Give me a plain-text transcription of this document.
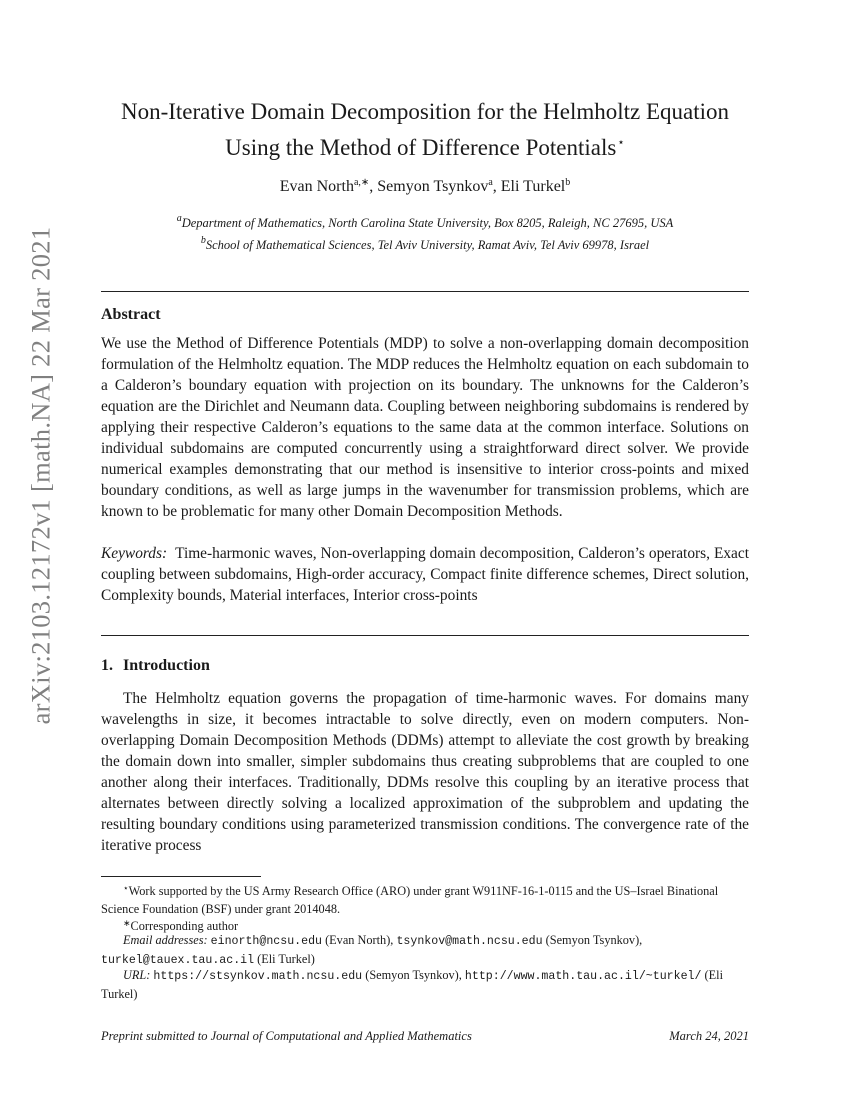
arXiv:2103.12172v1 [math.NA] 22 Mar 2021
Non-Iterative Domain Decomposition for the Helmholtz Equation
Using the Method of Difference Potentials⋆
Evan North$^{a,∗}$, Semyon Tsynkov$^a$, Eli Turkel$^b$
$^a$Department of Mathematics, North Carolina State University, Box 8205, Raleigh, NC 27695, USA
$^b$School of Mathematical Sciences, Tel Aviv University, Ramat Aviv, Tel Aviv 69978, Israel
Abstract
We use the Method of Difference Potentials (MDP) to solve a non-overlapping domain decomposition formulation of the Helmholtz equation. The MDP reduces the Helmholtz equation on each subdomain to a Calderon’s boundary equation with projection on its boundary. The unknowns for the Calderon’s equation are the Dirichlet and Neumann data. Coupling between neighboring subdomains is rendered by applying their respective Calderon’s equations to the same data at the common interface. Solutions on individual subdomains are computed concurrently using a straightforward direct solver. We provide numerical examples demonstrating that our method is insensitive to interior cross-points and mixed boundary conditions, as well as large jumps in the wavenumber for transmission problems, which are known to be problematic for many other Domain Decomposition Methods.
Keywords: Time-harmonic waves, Non-overlapping domain decomposition, Calderon’s operators, Exact coupling between subdomains, High-order accuracy, Compact finite difference schemes, Direct solution, Complexity bounds, Material interfaces, Interior cross-points
1. Introduction
The Helmholtz equation governs the propagation of time-harmonic waves. For domains many wavelengths in size, it becomes intractable to solve directly, even on modern computers. Non-overlapping Domain Decomposition Methods (DDMs) attempt to alleviate the cost growth by breaking the domain down into smaller, simpler subdomains thus creating subproblems that are coupled to one another along their interfaces. Traditionally, DDMs resolve this coupling by an iterative process that alternates between directly solving a localized approximation of the subproblem and updating the resulting boundary conditions using parameterized transmission conditions. The convergence rate of the iterative process
⋆Work supported by the US Army Research Office (ARO) under grant W911NF-16-1-0115 and the US–Israel Binational Science Foundation (BSF) under grant 2014048.
∗Corresponding author
Email addresses: einorth@ncsu.edu (Evan North), tsynkov@math.ncsu.edu (Semyon Tsynkov), turkel@tauex.tau.ac.il (Eli Turkel)
URL: https://stsynkov.math.ncsu.edu (Semyon Tsynkov), http://www.math.tau.ac.il/~turkel/ (Eli Turkel)
Preprint submitted to Journal of Computational and Applied Mathematics	March 24, 2021
